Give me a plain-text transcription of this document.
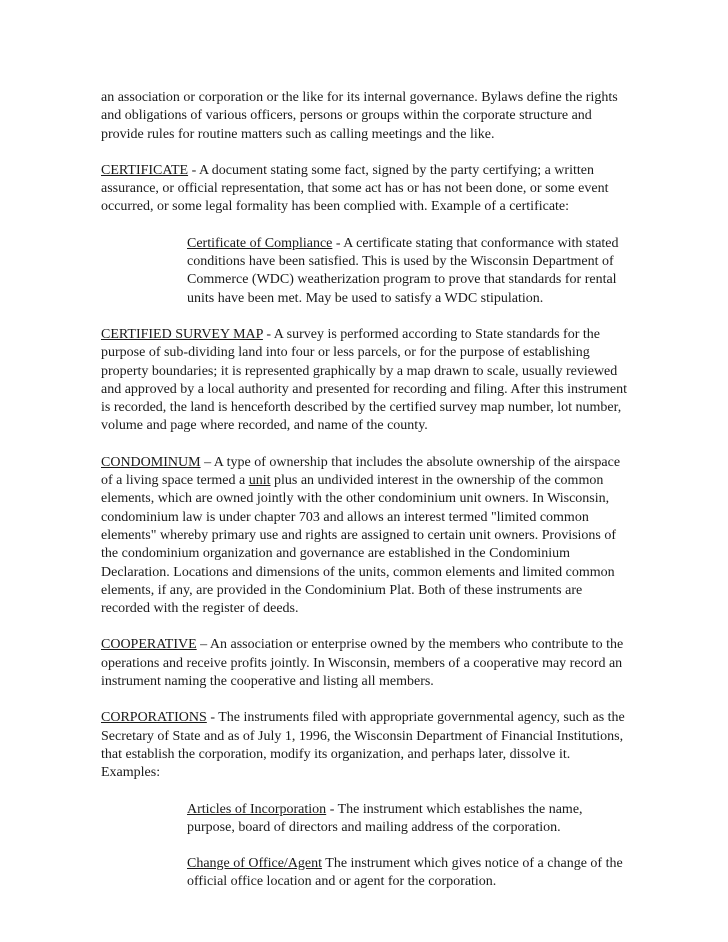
an association or corporation or the like for its internal governance. Bylaws define the rights and obligations of various officers, persons or groups within the corporate structure and provide rules for routine matters such as calling meetings and the like.

CERTIFICATE - A document stating some fact, signed by the party certifying; a written assurance, or official representation, that some act has or has not been done, or some event occurred, or some legal formality has been complied with. Example of a certificate:

Certificate of Compliance - A certificate stating that conformance with stated conditions have been satisfied. This is used by the Wisconsin Department of Commerce (WDC) weatherization program to prove that standards for rental units have been met. May be used to satisfy a WDC stipulation.

CERTIFIED SURVEY MAP - A survey is performed according to State standards for the purpose of sub-dividing land into four or less parcels, or for the purpose of establishing property boundaries; it is represented graphically by a map drawn to scale, usually reviewed and approved by a local authority and presented for recording and filing. After this instrument is recorded, the land is henceforth described by the certified survey map number, lot number, volume and page where recorded, and name of the county.

CONDOMINUM – A type of ownership that includes the absolute ownership of the airspace of a living space termed a unit plus an undivided interest in the ownership of the common elements, which are owned jointly with the other condominium unit owners. In Wisconsin, condominium law is under chapter 703 and allows an interest termed "limited common elements" whereby primary use and rights are assigned to certain unit owners. Provisions of the condominium organization and governance are established in the Condominium Declaration. Locations and dimensions of the units, common elements and limited common elements, if any, are provided in the Condominium Plat. Both of these instruments are recorded with the register of deeds.

COOPERATIVE – An association or enterprise owned by the members who contribute to the operations and receive profits jointly. In Wisconsin, members of a cooperative may record an instrument naming the cooperative and listing all members.

CORPORATIONS - The instruments filed with appropriate governmental agency, such as the Secretary of State and as of July 1, 1996, the Wisconsin Department of Financial Institutions, that establish the corporation, modify its organization, and perhaps later, dissolve it. Examples:

Articles of Incorporation - The instrument which establishes the name, purpose, board of directors and mailing address of the corporation.

Change of Office/Agent The instrument which gives notice of a change of the official office location and or agent for the corporation.
